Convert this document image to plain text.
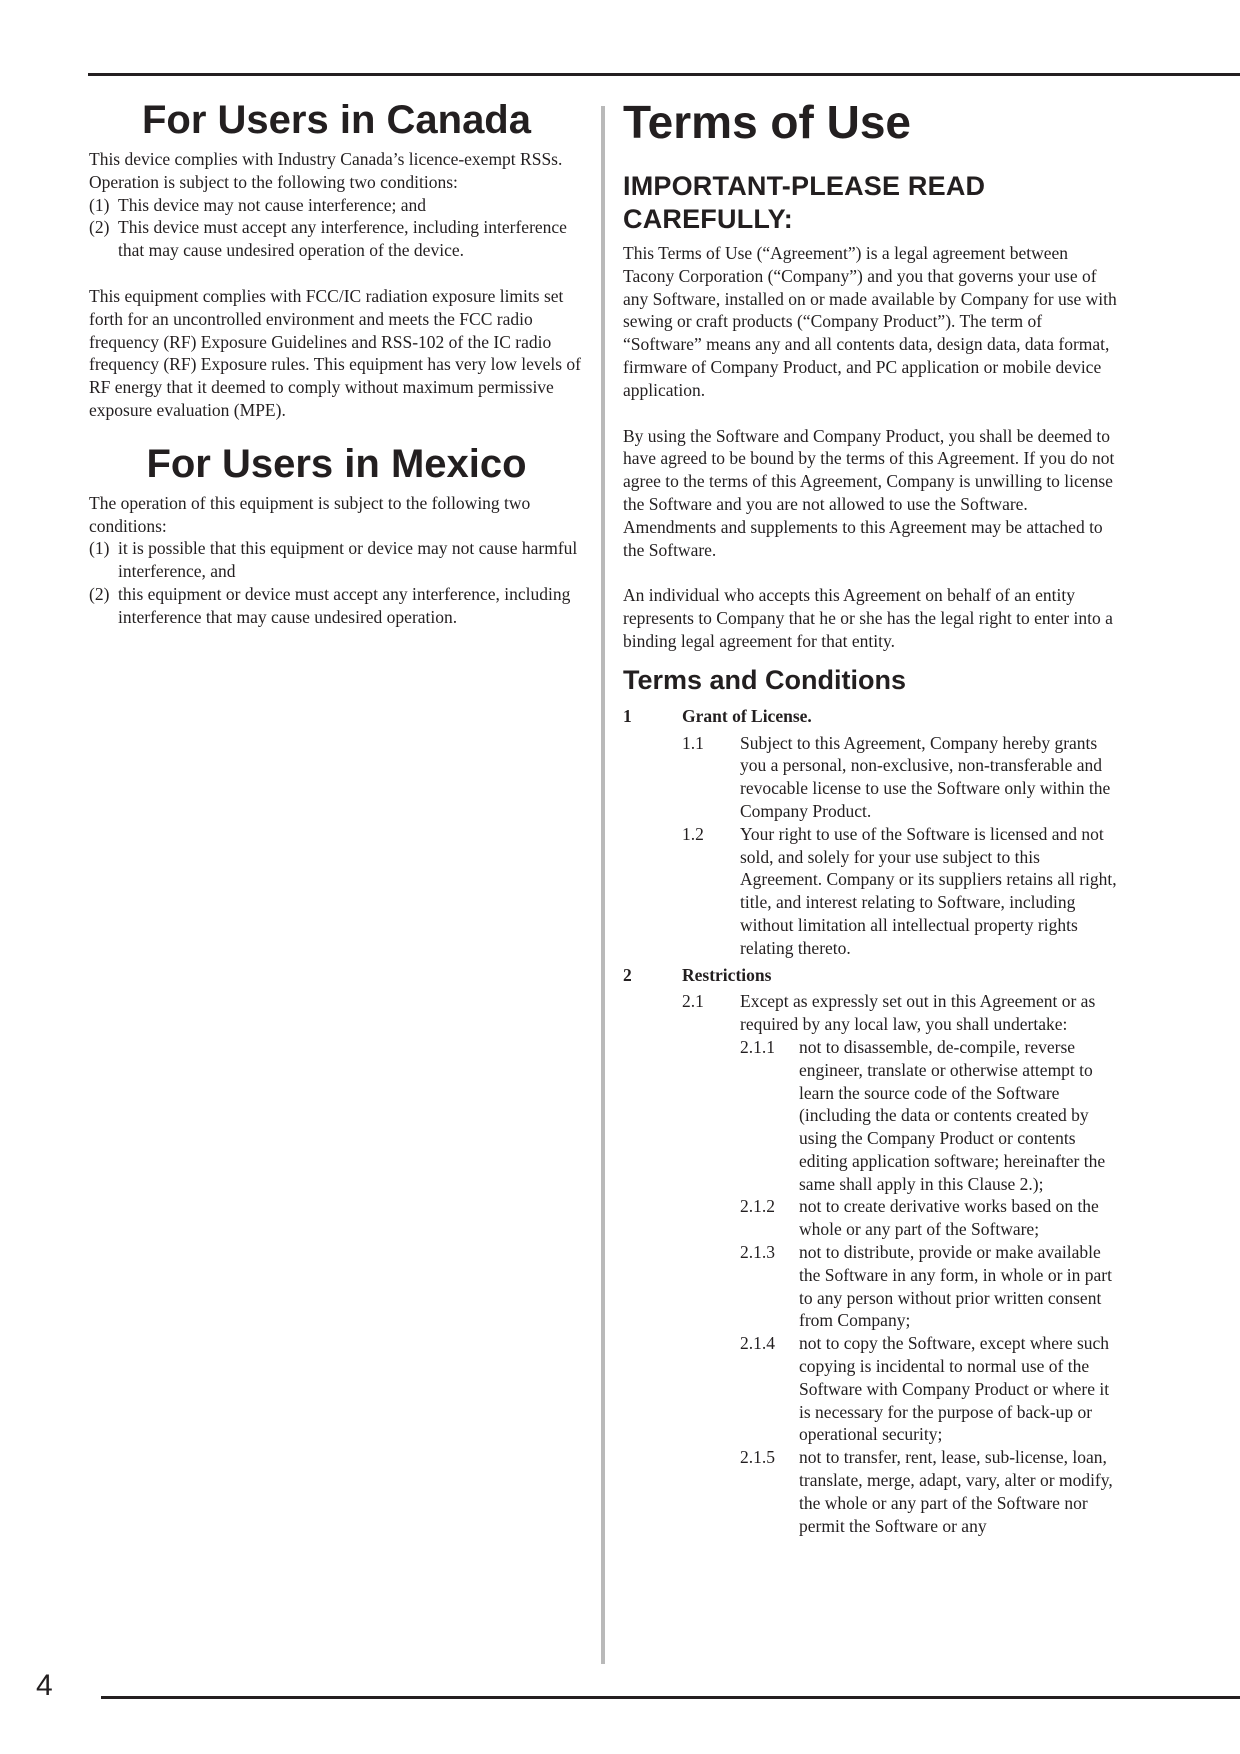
For Users in Canada

This device complies with Industry Canada’s licence-exempt RSSs. Operation is subject to the following two conditions:

(1) This device may not cause interference; and
(2) This device must accept any interference, including interference that may cause undesired operation of the device.

This equipment complies with FCC/IC radiation exposure limits set forth for an uncontrolled environment and meets the FCC radio frequency (RF) Exposure Guidelines and RSS-102 of the IC radio frequency (RF) Exposure rules. This equipment has very low levels of RF energy that it deemed to comply without maximum permissive exposure evaluation (MPE).

For Users in Mexico

The operation of this equipment is subject to the following two conditions:

(1) it is possible that this equipment or device may not cause harmful interference, and
(2) this equipment or device must accept any interference, including interference that may cause undesired operation.
Terms of Use
IMPORTANT-PLEASE READ
CAREFULLY:

This Terms of Use (“Agreement”) is a legal agreement between Tacony Corporation (“Company”) and you that governs your use of any Software, installed on or made available by Company for use with sewing or craft products (“Company Product”). The term of “Software” means any and all contents data, design data, data format, firmware of Company Product, and PC application or mobile device application.

By using the Software and Company Product, you shall be deemed to have agreed to be bound by the terms of this Agreement. If you do not agree to the terms of this Agreement, Company is unwilling to license the Software and you are not allowed to use the Software. Amendments and supplements to this Agreement may be attached to the Software.

An individual who accepts this Agreement on behalf of an entity represents to Company that he or she has the legal right to enter into a binding legal agreement for that entity.

Terms and Conditions
1	Grant of License.
1.1	Subject to this Agreement, Company hereby grants you a personal, non-exclusive, non-transferable and revocable license to use the Software only within the Company Product.
1.2	Your right to use of the Software is licensed and not sold, and solely for your use subject to this Agreement. Company or its suppliers retains all right, title, and interest relating to Software, including without limitation all intellectual property rights relating thereto.
2	Restrictions
2.1	Except as expressly set out in this Agreement or as required by any local law, you shall undertake:
2.1.1	not to disassemble, de-compile, reverse engineer, translate or otherwise attempt to learn the source code of the Software (including the data or contents created by using the Company Product or contents editing application software; hereinafter the same shall apply in this Clause 2.);
2.1.2	not to create derivative works based on the whole or any part of the Software;
2.1.3	not to distribute, provide or make available the Software in any form, in whole or in part to any person without prior written consent from Company;
2.1.4	not to copy the Software, except where such copying is incidental to normal use of the Software with Company Product or where it is necessary for the purpose of back-up or operational security;
2.1.5	not to transfer, rent, lease, sub-license, loan, translate, merge, adapt, vary, alter or modify, the whole or any part of the Software nor permit the Software or any
4
